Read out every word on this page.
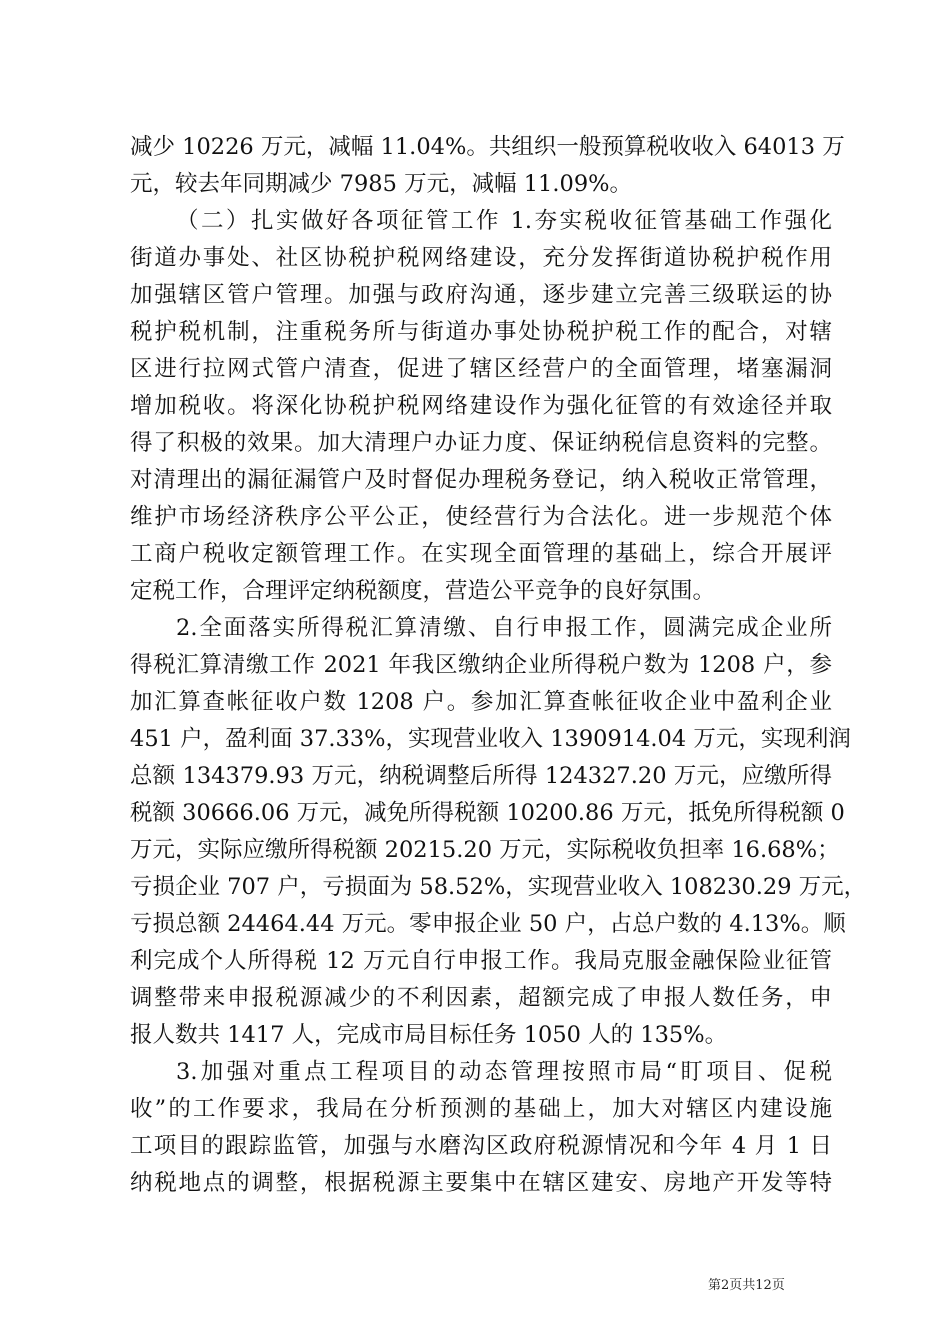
减少 10226 万元，减幅 11.04%。共组织一般预算税收收入 64013 万
元，较去年同期减少 7985 万元，减幅 11.09%。
（二）扎实做好各项征管工作 1.夯实税收征管基础工作强化
街道办事处、社区协税护税网络建设，充分发挥街道协税护税作用
加强辖区管户管理。加强与政府沟通，逐步建立完善三级联运的协
税护税机制，注重税务所与街道办事处协税护税工作的配合，对辖
区进行拉网式管户清查，促进了辖区经营户的全面管理，堵塞漏洞
增加税收。将深化协税护税网络建设作为强化征管的有效途径并取
得了积极的效果。加大清理户办证力度、保证纳税信息资料的完整。
对清理出的漏征漏管户及时督促办理税务登记，纳入税收正常管理，
维护市场经济秩序公平公正，使经营行为合法化。进一步规范个体
工商户税收定额管理工作。在实现全面管理的基础上，综合开展评
定税工作，合理评定纳税额度，营造公平竞争的良好氛围。
2.全面落实所得税汇算清缴、自行申报工作，圆满完成企业所
得税汇算清缴工作 2021 年我区缴纳企业所得税户数为 1208 户，参
加汇算查帐征收户数 1208 户。参加汇算查帐征收企业中盈利企业
451 户，盈利面 37.33%，实现营业收入 1390914.04 万元，实现利润
总额 134379.93 万元，纳税调整后所得 124327.20 万元，应缴所得
税额 30666.06 万元，减免所得税额 10200.86 万元，抵免所得税额 0
万元，实际应缴所得税额 20215.20 万元，实际税收负担率 16.68%；
亏损企业 707 户，亏损面为 58.52%，实现营业收入 108230.29 万元，
亏损总额 24464.44 万元。零申报企业 50 户，占总户数的 4.13%。顺
利完成个人所得税 12 万元自行申报工作。我局克服金融保险业征管
调整带来申报税源减少的不利因素，超额完成了申报人数任务，申
报人数共 1417 人，完成市局目标任务 1050 人的 135%。
3.加强对重点工程项目的动态管理按照市局“盯项目、促税
收”的工作要求，我局在分析预测的基础上，加大对辖区内建设施
工项目的跟踪监管，加强与水磨沟区政府税源情况和今年 4 月 1 日
纳税地点的调整，根据税源主要集中在辖区建安、房地产开发等特
第2页共12页
